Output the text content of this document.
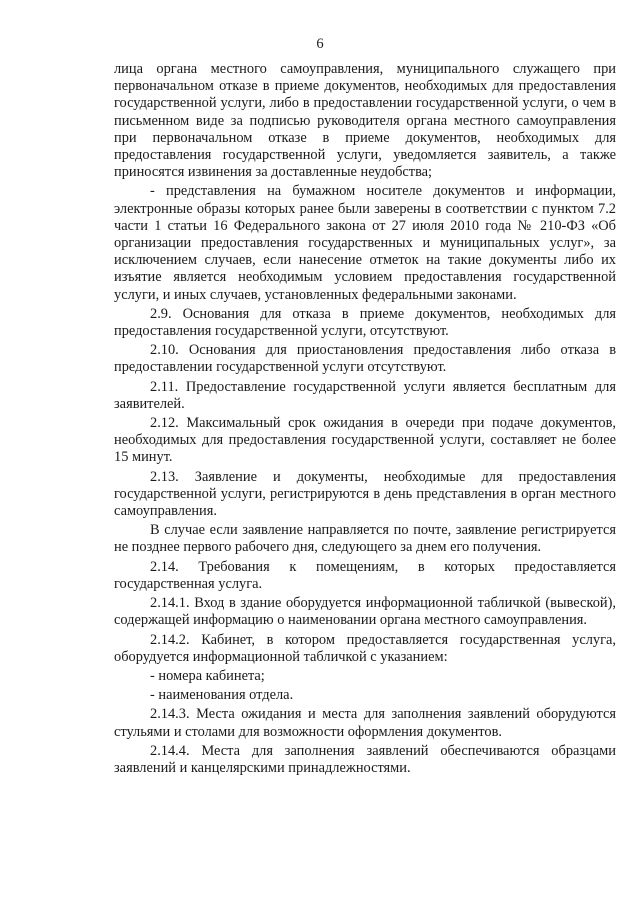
6

лица органа местного самоуправления, муниципального служащего при первоначальном отказе в приеме документов, необходимых для предоставления государственной услуги, либо в предоставлении государственной услуги, о чем в письменном виде за подписью руководителя органа местного самоуправления при первоначальном отказе в приеме документов, необходимых для предоставления государственной услуги, уведомляется заявитель, а также приносятся извинения за доставленные неудобства;

- представления на бумажном носителе документов и информации, электронные образы которых ранее были заверены в соответствии с пунктом 7.2 части 1 статьи 16 Федерального закона от 27 июля 2010 года № 210-ФЗ «Об организации предоставления государственных и муниципальных услуг», за исключением случаев, если нанесение отметок на такие документы либо их изъятие является необходимым условием предоставления государственной услуги, и иных случаев, установленных федеральными законами.

2.9. Основания для отказа в приеме документов, необходимых для предоставления государственной услуги, отсутствуют.

2.10. Основания для приостановления предоставления либо отказа в предоставлении государственной услуги отсутствуют.

2.11. Предоставление государственной услуги является бесплатным для заявителей.

2.12. Максимальный срок ожидания в очереди при подаче документов, необходимых для предоставления государственной услуги, составляет не более 15 минут.

2.13. Заявление и документы, необходимые для предоставления государственной услуги, регистрируются в день представления в орган местного самоуправления.

В случае если заявление направляется по почте, заявление регистрируется не позднее первого рабочего дня, следующего за днем его получения.

2.14. Требования к помещениям, в которых предоставляется государственная услуга.

2.14.1. Вход в здание оборудуется информационной табличкой (вывеской), содержащей информацию о наименовании органа местного самоуправления.

2.14.2. Кабинет, в котором предоставляется государственная услуга, оборудуется информационной табличкой с указанием:

- номера кабинета;

- наименования отдела.

2.14.3. Места ожидания и места для заполнения заявлений оборудуются стульями и столами для возможности оформления документов.

2.14.4. Места для заполнения заявлений обеспечиваются образцами заявлений и канцелярскими принадлежностями.
